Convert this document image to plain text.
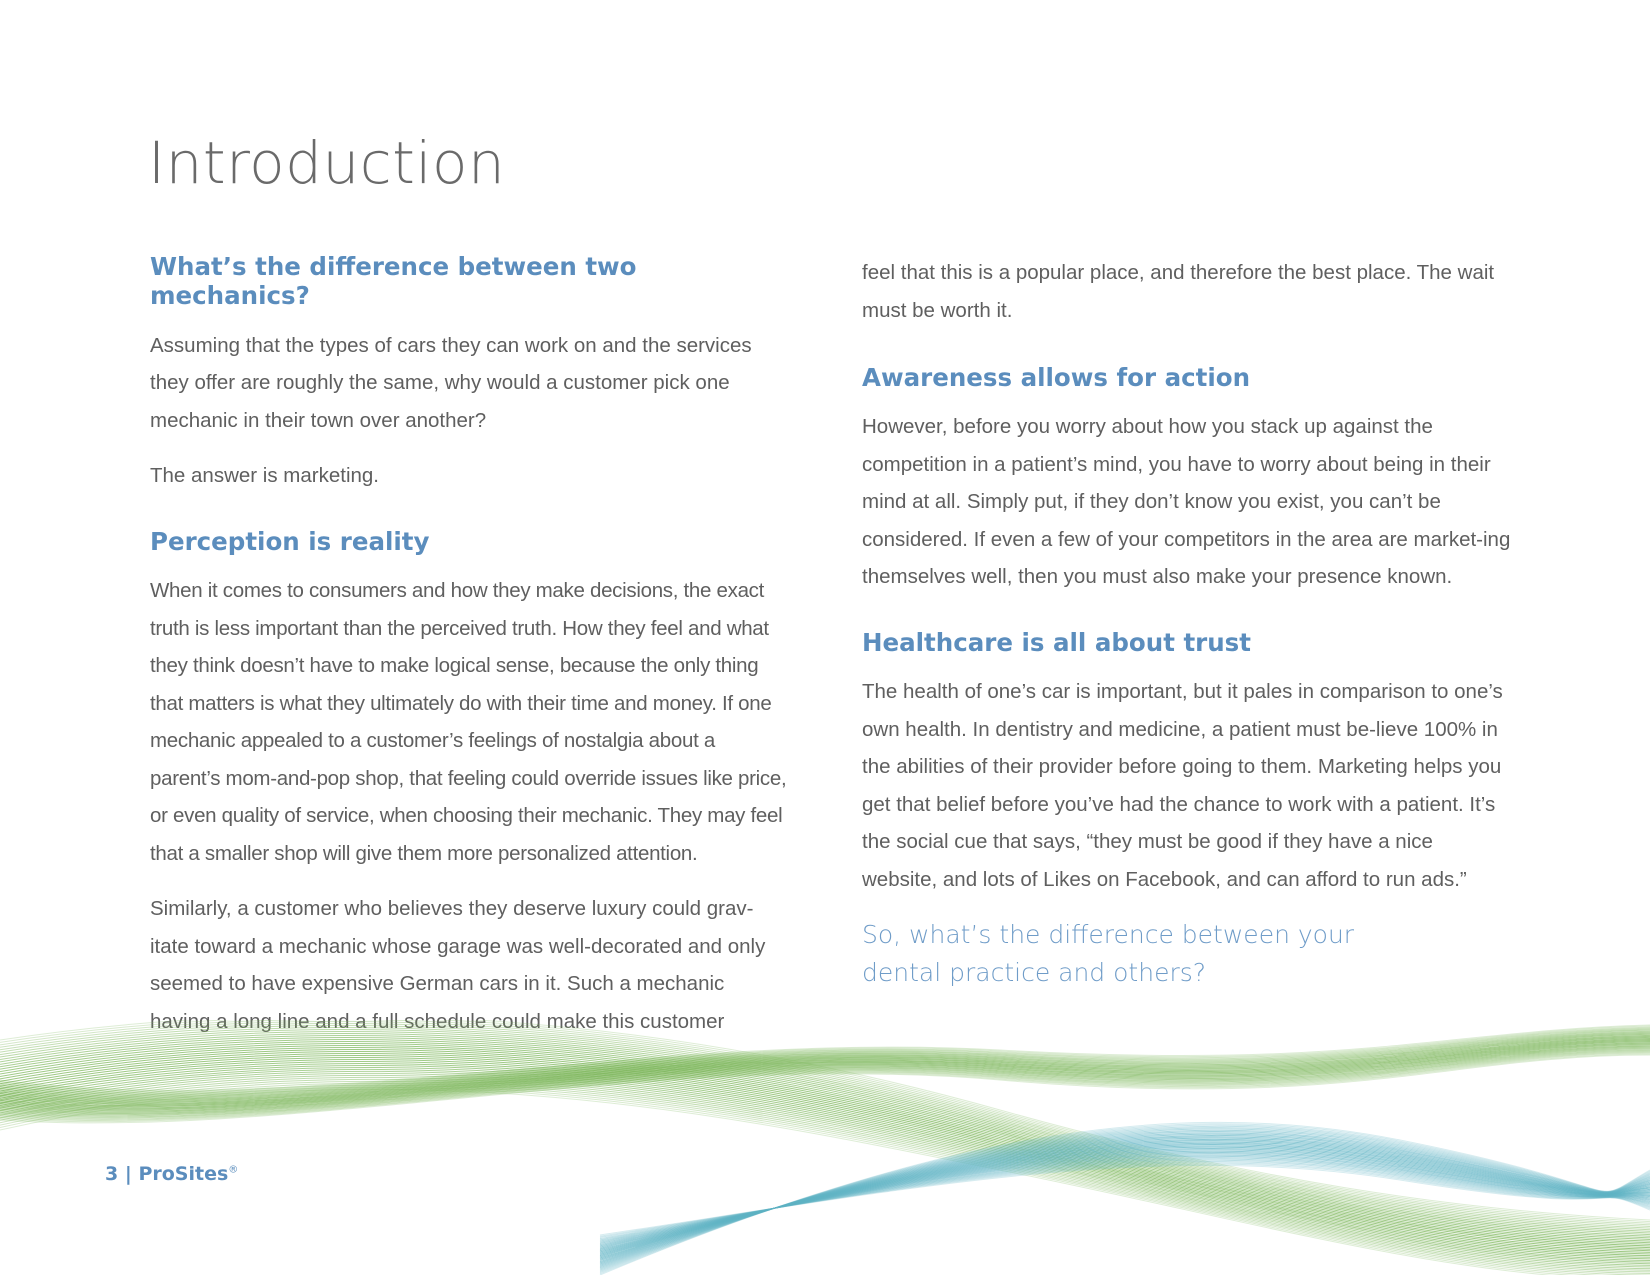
Introduction
What’s the difference between two mechanics?

Assuming that the types of cars they can work on and the services they offer are roughly the same, why would a customer pick one mechanic in their town over another?

The answer is marketing.

Perception is reality

When it comes to consumers and how they make decisions, the exact truth is less important than the perceived truth. How they feel and what they think doesn’t have to make logical sense, because the only thing that matters is what they ultimately do with their time and money. If one mechanic appealed to a customer’s feelings of nostalgia about a parent’s mom-and-pop shop, that feeling could override issues like price, or even quality of service, when choosing their mechanic. They may feel that a smaller shop will give them more personalized attention.

Similarly, a customer who believes they deserve luxury could grav-itate toward a mechanic whose garage was well-decorated and only seemed to have expensive German cars in it. Such a mechanic having a long line and a full schedule could make this customer

feel that this is a popular place, and therefore the best place. The wait must be worth it.

Awareness allows for action

However, before you worry about how you stack up against the competition in a patient’s mind, you have to worry about being in their mind at all. Simply put, if they don’t know you exist, you can’t be considered. If even a few of your competitors in the area are market-ing themselves well, then you must also make your presence known.

Healthcare is all about trust

The health of one’s car is important, but it pales in comparison to one’s own health. In dentistry and medicine, a patient must be-lieve 100% in the abilities of their provider before going to them. Marketing helps you get that belief before you’ve had the chance to work with a patient. It’s the social cue that says, “they must be good if they have a nice website, and lots of Likes on Facebook, and can afford to run ads.”

So, what’s the difference between your dental practice and others?

3 | ProSites®
